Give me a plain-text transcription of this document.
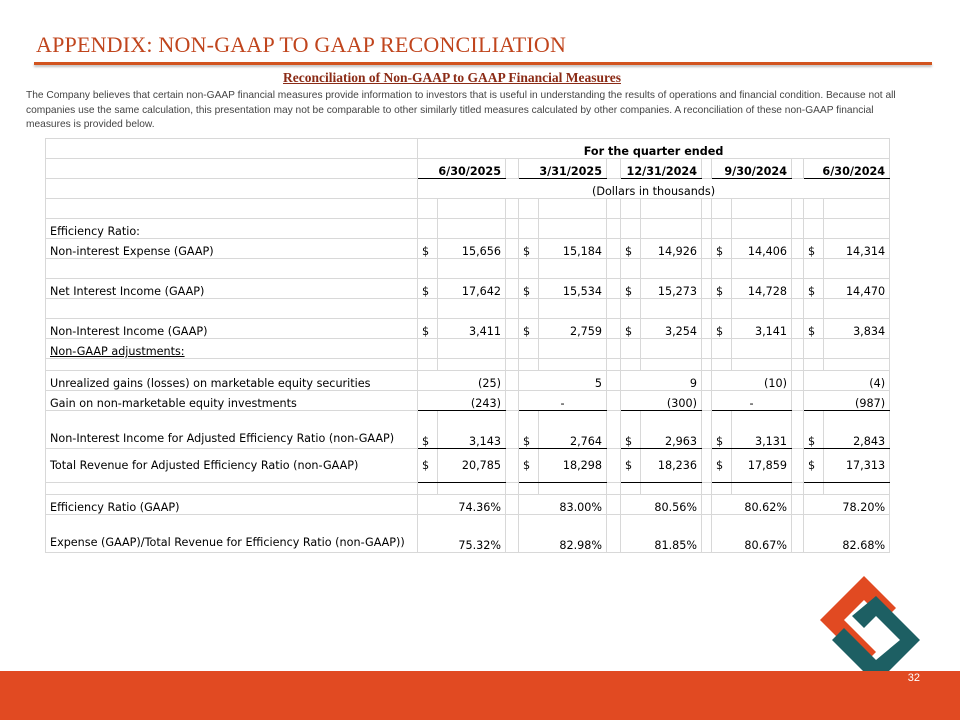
APPENDIX: NON-GAAP TO GAAP RECONCILIATION
Reconciliation of Non-GAAP to GAAP Financial Measures
The Company believes that certain non-GAAP financial measures provide information to investors that is useful in understanding the results of operations and financial condition. Because not all companies use the same calculation, this presentation may not be comparable to other similarly titled measures calculated by other companies. A reconciliation of these non-GAAP financial measures is provided below.
	For the quarter ended													
	6/30/2025			3/31/2025			12/31/2024			9/30/2024			6/30/2024	
	(Dollars in thousands)													

Efficiency Ratio:														
Non-interest Expense (GAAP)	$	15,656		$	15,184		$	14,926		$	14,406		$	14,314

Net Interest Income (GAAP)	$	17,642		$	15,534		$	15,273		$	14,728		$	14,470

Non-Interest Income (GAAP)	$	3,411		$	2,759		$	3,254		$	3,141		$	3,834
Non-GAAP adjustments:														

Unrealized gains (losses) on marketable equity securities	(25)			5			9			(10)			(4)	
Gain on non-marketable equity investments	(243)			-			(300)			-			(987)	
Non-Interest Income for Adjusted Efficiency Ratio (non-GAAP)	$	3,143		$	2,764		$	2,963		$	3,131		$	2,843
Total Revenue for Adjusted Efficiency Ratio (non-GAAP)	$	20,785		$	18,298		$	18,236		$	17,859		$	17,313

Efficiency Ratio (GAAP)	74.36%			83.00%			80.56%			80.62%			78.20%	
Expense (GAAP)/Total Revenue for Efficiency Ratio (non-GAAP))	75.32%			82.98%			81.85%			80.67%			82.68%	
32
